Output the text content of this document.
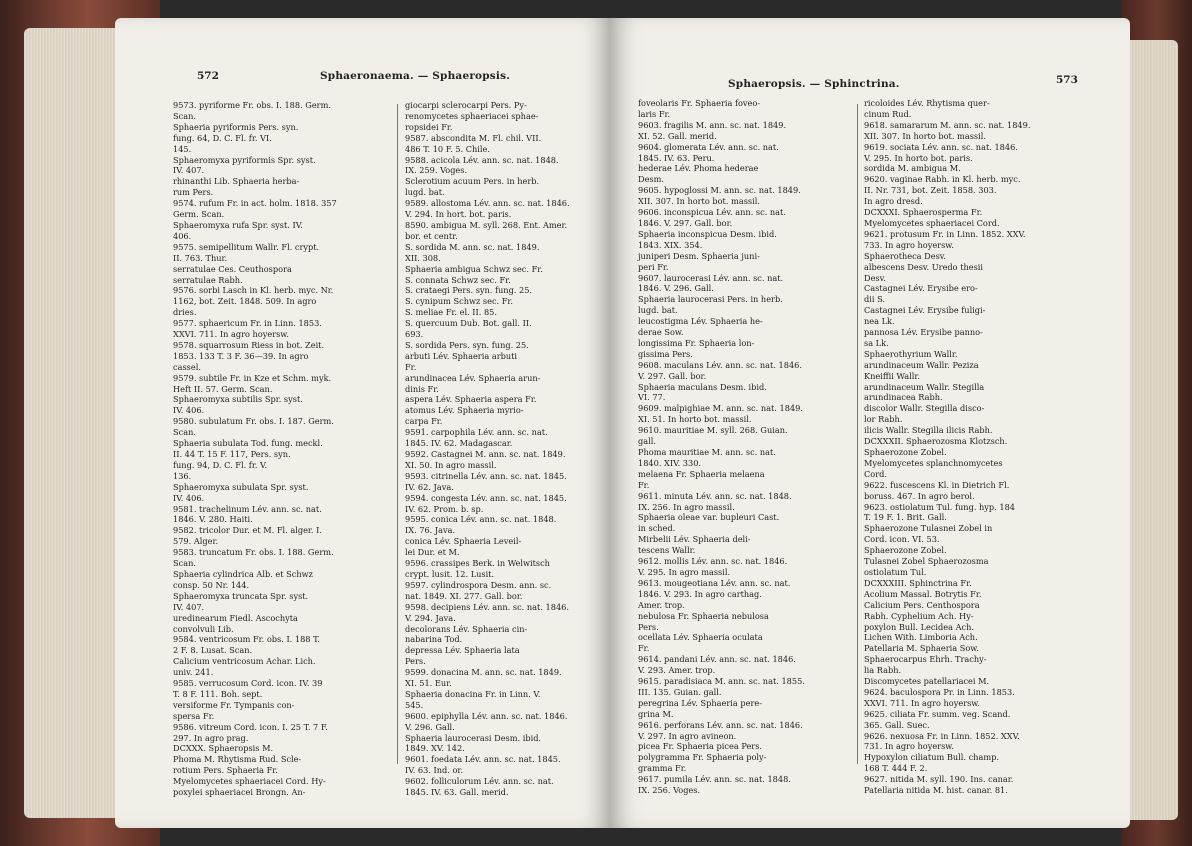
572	Sphaeronaema. — Sphaeropsis.

9573. pyriforme Fr. obs. I. 188. Germ.

Scan.

Sphaeria pyriformis Pers. syn.

fung. 64, D. C. Fl. fr. VI.

145.

Sphaeromyxa pyriformis Spr. syst.

IV. 407.

rhinanthi Lib. Sphaeria herba-

rum Pers.

9574. rufum Fr. in act. holm. 1818. 357

Germ. Scan.

Sphaeromyxa rufa Spr. syst. IV.

406.

9575. semipellitum Wallr. Fl. crypt.

II. 763. Thur.

serratulae Ces. Ceuthospora

serratulae Rabh.

9576. sorbi Lasch in Kl. herb. myc. Nr.

1162, bot. Zeit. 1848. 509. In agro

dries.

9577. sphaericum Fr. in Linn. 1853.

XXVI. 711. In agro hoyersw.

9578. squarrosum Riess in bot. Zeit.

1853. 133 T. 3 F. 36—39. In agro

cassel.

9579. subtile Fr. in Kze et Schm. myk.

Heft II. 57. Germ. Scan.

Sphaeromyxa subtilis Spr. syst.

IV. 406.

9580. subulatum Fr. obs. I. 187. Germ.

Scan.

Sphaeria subulata Tod. fung. meckl.

II. 44 T. 15 F. 117, Pers. syn.

fung. 94, D. C. Fl. fr. V.

136.

Sphaeromyxa subulata Spr. syst.

IV. 406.

9581. trachelinum Lév. ann. sc. nat.

1846. V. 280. Haiti.

9582. tricolor Dur. et M. Fl. alger. I.

579. Alger.

9583. truncatum Fr. obs. I. 188. Germ.

Scan.

Sphaeria cylindrica Alb. et Schwz

consp. 50 Nr. 144.

Sphaeromyxa truncata Spr. syst.

IV. 407.

uredinearum Fiedl. Ascochyta

convolvuli Lib.

9584. ventricosum Fr. obs. I. 188 T.

2 F. 8. Lusat. Scan.

Calicium ventricosum Achar. Lich.

univ. 241.

9585. verrucosum Cord. icon. IV. 39

T. 8 F. 111. Boh. sept.

versiforme Fr. Tympanis con-

spersa Fr.

9586. vitreum Cord. icon. I. 25 T. 7 F.

297. In agro prag.

DCXXX. Sphaeropsis M.

Phoma M. Rhytisma Rud. Scle-

rotium Pers. Sphaeria Fr.

Myelomycetes sphaeriacei Cord. Hy-

poxylei sphaeriacei Brongn. An-

giocarpi sclerocarpi Pers. Py-

renomycetes sphaeriacei sphae-

ropsidei Fr.

9587. abscondita M. Fl. chil. VII.

486 T. 10 F. 5. Chile.

9588. acicola Lév. ann. sc. nat. 1848.

IX. 259. Voges.

Sclerotium acuum Pers. in herb.

lugd. bat.

9589. allostoma Lév. ann. sc. nat. 1846.

V. 294. In hort. bot. paris.

8590. ambigua M. syll. 268. Ent. Amer.

bor. et centr.

S. sordida M. ann. sc. nat. 1849.

XII. 308.

Sphaeria ambigua Schwz sec. Fr.

S. connata Schwz sec. Fr.

S. crataegi Pers. syn. fung. 25.

S. cynipum Schwz sec. Fr.

S. meliae Fr. el. II. 85.

S. quercuum Dub. Bot. gall. II.

693.

S. sordida Pers. syn. fung. 25.

arbuti Lév. Sphaeria arbuti

Fr.

arundinacea Lév. Sphaeria arun-

dinis Fr.

aspera Lév. Sphaeria aspera Fr.

atomus Lév. Sphaeria myrio-

carpa Fr.

9591. carpophila Lév. ann. sc. nat.

1845. IV. 62. Madagascar.

9592. Castagnei M. ann. sc. nat. 1849.

XI. 50. In agro massil.

9593. citrinella Lév. ann. sc. nat. 1845.

IV. 62. Java.

9594. congesta Lév. ann. sc. nat. 1845.

IV. 62. Prom. b. sp.

9595. conica Lév. ann. sc. nat. 1848.

IX. 76. Java.

conica Lév. Sphaeria Leveil-

lei Dur. et M.

9596. crassipes Berk. in Welwitsch

crypt. lusit. 12. Lusit.

9597. cylindrospora Desm. ann. sc.

nat. 1849. XI. 277. Gall. bor.

9598. decipiens Lév. ann. sc. nat. 1846.

V. 294. Java.

decolorans Lév. Sphaeria cin-

nabarina Tod.

depressa Lév. Sphaeria lata

Pers.

9599. donacina M. ann. sc. nat. 1849.

XI. 51. Eur.

Sphaeria donacina Fr. in Linn. V.

545.

9600. epiphylla Lév. ann. sc. nat. 1846.

V. 296. Gall.

Sphaeria laurocerasi Desm. ibid.

1849. XV. 142.

9601. foedata Lév. ann. sc. nat. 1845.

IV. 63. Ind. or.

9602. folliculorum Lév. ann. sc. nat.

1845. IV. 63. Gall. merid.

Sphaeropsis. — Sphinctrina.	573

foveolaris Fr. Sphaeria foveo-

laris Fr.

9603. fragilis M. ann. sc. nat. 1849.

XI. 52. Gall. merid.

9604. glomerata Lév. ann. sc. nat.

1845. IV. 63. Peru.

hederae Lév. Phoma hederae

Desm.

9605. hypoglossi M. ann. sc. nat. 1849.

XII. 307. In horto bot. massil.

9606. inconspicua Lév. ann. sc. nat.

1846. V. 297. Gall. bor.

Sphaeria inconspicua Desm. ibid.

1843. XIX. 354.

juniperi Desm. Sphaeria juni-

peri Fr.

9607. laurocerasi Lév. ann. sc. nat.

1846. V. 296. Gall.

Sphaeria laurocerasi Pers. in herb.

lugd. bat.

leucostigma Lév. Sphaeria he-

derae Sow.

longissima Fr. Sphaeria lon-

gissima Pers.

9608. maculans Lév. ann. sc. nat. 1846.

V. 297. Gall. bor.

Sphaeria maculans Desm. ibid.

VI. 77.

9609. malpighiae M. ann. sc. nat. 1849.

XI. 51. In horto bot. massil.

9610. mauritiae M. syll. 268. Guian.

gall.

Phoma mauritiae M. ann. sc. nat.

1840. XIV. 330.

melaena Fr. Sphaeria melaena

Fr.

9611. minuta Lév. ann. sc. nat. 1848.

IX. 256. In agro massil.

Sphaeria oleae var. bupleuri Cast.

in sched.

Mirbelii Lév. Sphaeria deli-

tescens Wallr.

9612. mollis Lév. ann. sc. nat. 1846.

V. 295. In agro massil.

9613. mougeotiana Lév. ann. sc. nat.

1846. V. 293. In agro carthag.

Amer. trop.

nebulosa Fr. Sphaeria nebulosa

Pers.

ocellata Lév. Sphaeria oculata

Fr.

9614. pandani Lév. ann. sc. nat. 1846.

V. 293. Amer. trop.

9615. paradisiaca M. ann. sc. nat. 1855.

III. 135. Guian. gall.

peregrina Lév. Sphaeria pere-

grina M.

9616. perforans Lév. ann. sc. nat. 1846.

V. 297. In agro avineon.

picea Fr. Sphaeria picea Pers.

polygramma Fr. Sphaeria poly-

gramma Fr.

9617. pumila Lév. ann. sc. nat. 1848.

IX. 256. Voges.

ricoloides Lév. Rhytisma quer-

cinum Rud.

9618. samararum M. ann. sc. nat. 1849.

XII. 307. In horto bot. massil.

9619. sociata Lév. ann. sc. nat. 1846.

V. 295. In horto bot. paris.

sordida M. ambigua M.

9620. vaginae Rabh. in Kl. herb. myc.

II. Nr. 731, bot. Zeit. 1858. 303.

In agro dresd.

DCXXXI. Sphaerospermа Fr.

Myelomycetes sphaeriacei Cord.

9621. protusum Fr. in Linn. 1852. XXV.

733. In agro hoyersw.

Sphaerotheca Desv.

albescens Desv. Uredo thesii

Desv.

Castagnei Lév. Erysibe ero-

dii S.

Castagnei Lév. Erysibe fuligi-

nea Lk.

pannosa Lév. Erysibe panno-

sa Lk.

Sphaerothyrium Wallr.

arundinaceum Wallr. Peziza

Kneiffii Wallr.

arundinaceum Wallr. Stegilla

arundinacea Rabh.

discolor Wallr. Stegilla disco-

lor Rabh.

ilicis Wallr. Stegilla ilicis Rabh.

DCXXXII. Sphaerozosma Klotzsch.

Sphaerozone Zobel.

Myelomycetes splanchnomycetes

Cord.

9622. fuscescens Kl. in Dietrich Fl.

boruss. 467. In agro berol.

9623. ostiolatum Tul. fung. hyp. 184

T. 19 F. 1. Brit. Gall.

Sphaerozone Tulasnei Zobel in

Cord. icon. VI. 53.

Sphaerozone Zobel.

Tulasnei Zobel Sphaerozosma

ostiolatum Tul.

DCXXXIII. Sphinctrina Fr.

Acolium Massal. Botrytis Fr.

Calicium Pers. Centhospora

Rabh. Cyphelium Ach. Hy-

poxylon Bull. Lecidea Ach.

Lichen With. Limboria Ach.

Patellaria M. Sphaeria Sow.

Sphaerocarpus Ehrh. Trachy-

lia Rabh.

Discomycetes patellariacei M.

9624. baculospora Pr. in Linn. 1853.

XXVI. 711. In agro hoyersw.

9625. ciliata Fr. summ. veg. Scand.

365. Gall. Suec.

9626. nexuosa Fr. in Linn. 1852. XXV.

731. In agro hoyersw.

Hypoxylon ciliatum Bull. champ.

168 T. 444 F. 2.

9627. nitida M. syll. 190. Ins. canar.

Patellaria nitida M. hist. canar. 81.
